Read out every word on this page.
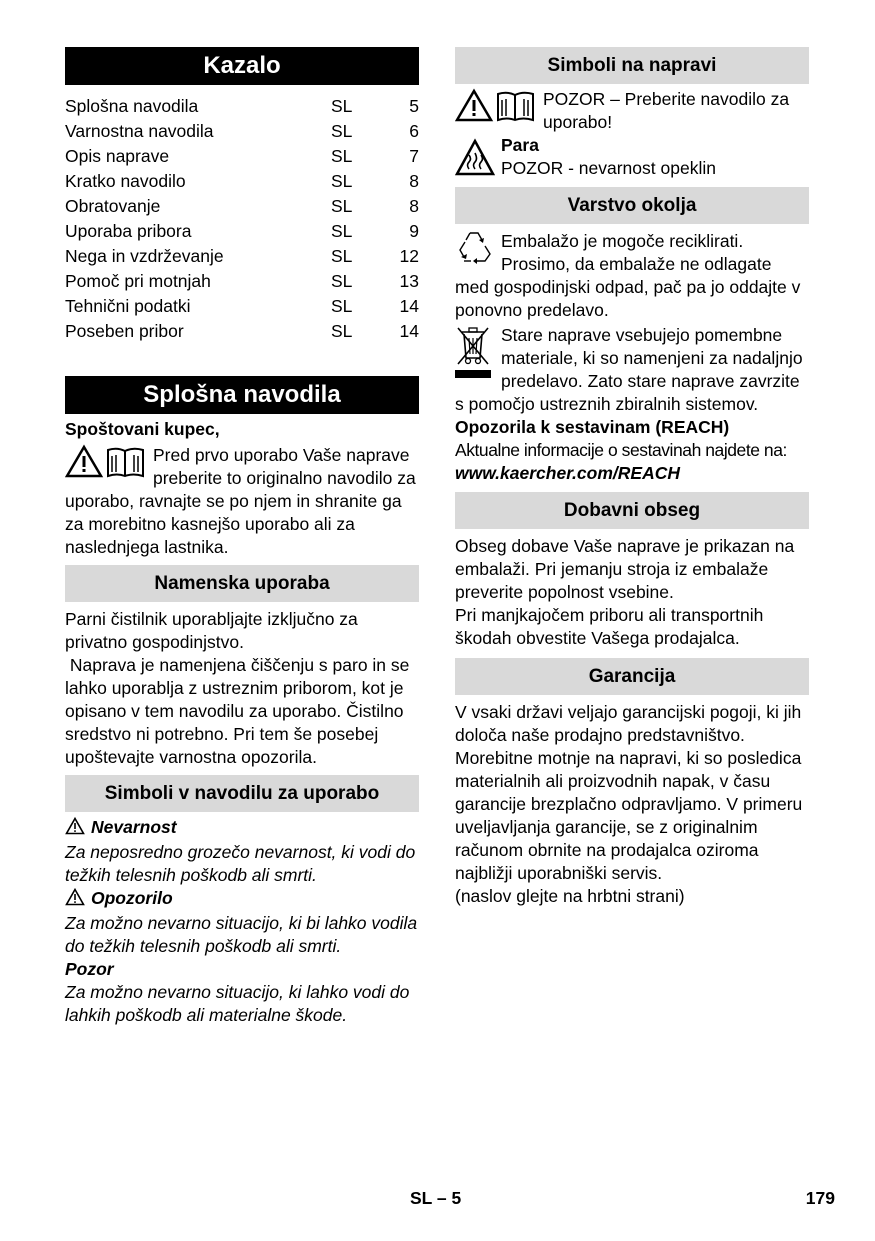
Kazalo
Splošna navodila	SL	5
Varnostna navodila	SL	6
Opis naprave	SL	7
Kratko navodilo	SL	8
Obratovanje	SL	8
Uporaba pribora	SL	9
Nega in vzdrževanje	SL	12
Pomoč pri motnjah	SL	13
Tehnični podatki	SL	14
Poseben pribor	SL	14
Splošna navodila

Spoštovani kupec,

Pred prvo uporabo Vaše naprave preberite to originalno navodilo za uporabo, ravnajte se po njem in shranite ga za morebitno kasnejšo uporabo ali za naslednjega lastnika.

Namenska uporaba

Parni čistilnik uporabljajte izključno za privatno gospodinjstvo.

Naprava je namenjena čiščenju s paro in se lahko uporablja z ustreznim priborom, kot je opisano v tem navodilu za uporabo. Čistilno sredstvo ni potrebno. Pri tem še posebej upoštevajte varnostna opozorila.

Simboli v navodilu za uporabo

Nevarnost

Za neposredno grozečo nevarnost, ki vodi do težkih telesnih poškodb ali smrti.

Opozorilo

Za možno nevarno situacijo, ki bi lahko vodila do težkih telesnih poškodb ali smrti.

Pozor

Za možno nevarno situacijo, ki lahko vodi do lahkih poškodb ali materialne škode.

Simboli na napravi

POZOR – Preberite navodilo za uporabo!

Para

POZOR - nevarnost opeklin

Varstvo okolja

Embalažo je mogoče reciklirati. Prosimo, da embalaže ne odlagate med gospodinjski odpad, pač pa jo oddajte v ponovno predelavo.

Stare naprave vsebujejo pomembne materiale, ki so namenjeni za nadaljnjo predelavo. Zato stare naprave zavrzite s pomočjo ustreznih zbiralnih sistemov.

Opozorila k sestavinam (REACH)

Aktualne informacije o sestavinah najdete na:

www.kaercher.com/REACH

Dobavni obseg

Obseg dobave Vaše naprave je prikazan na embalaži. Pri jemanju stroja iz embalaže preverite popolnost vsebine.

Pri manjkajočem priboru ali transportnih škodah obvestite Vašega prodajalca.

Garancija

V vsaki državi veljajo garancijski pogoji, ki jih določa naše prodajno predstavništvo. Morebitne motnje na napravi, ki so posledica materialnih ali proizvodnih napak, v času garancije brezplačno odpravljamo. V primeru uveljavljanja garancije, se z originalnim računom obrnite na prodajalca oziroma najbližji uporabniški servis.

(naslov glejte na hrbtni strani)

SL – 5	179
